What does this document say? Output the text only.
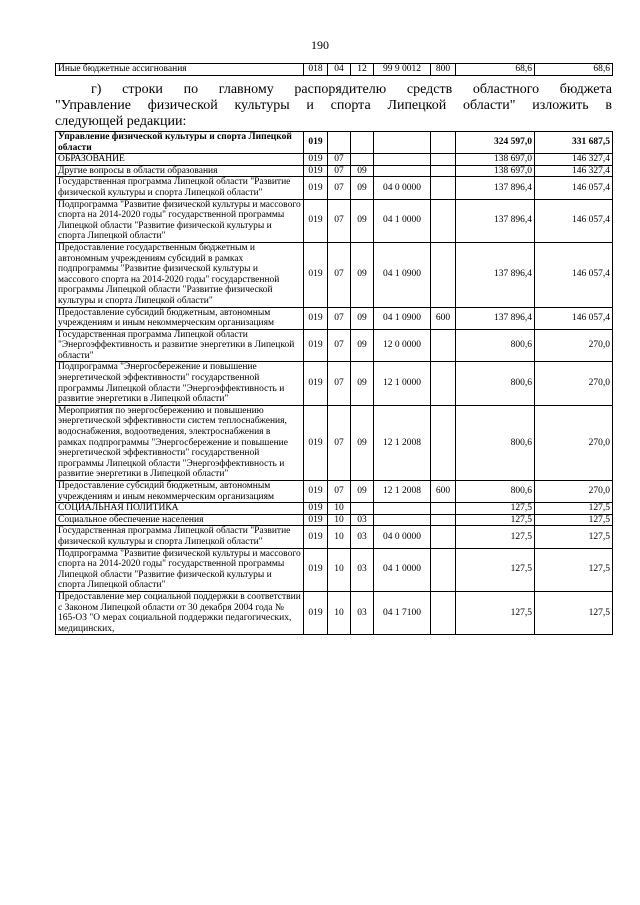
190
Иные бюджетные ассигнования	018	04	12	99 9 0012	800	68,6	68,6
г) строки по главному распорядителю средств областного бюджета
"Управление физической культуры и спорта Липецкой области" изложить в
следующей редакции:
Управление физической культуры и спорта Липецкой области	019					324 597,0	331 687,5
ОБРАЗОВАНИЕ	019	07				138 697,0	146 327,4
Другие вопросы в области образования	019	07	09			138 697,0	146 327,4
Государственная программа Липецкой области "Развитие физической культуры и спорта Липецкой области"	019	07	09	04 0 0000		137 896,4	146 057,4
Подпрограмма "Развитие физической культуры и массового спорта на 2014-2020 годы" государственной программы Липецкой области "Развитие физической культуры и спорта Липецкой области"	019	07	09	04 1 0000		137 896,4	146 057,4
Предоставление государственным бюджетным и автономным учреждениям субсидий в рамках подпрограммы "Развитие физической культуры и массового спорта на 2014-2020 годы" государственной программы Липецкой области "Развитие физической культуры и спорта Липецкой области"	019	07	09	04 1 0900		137 896,4	146 057,4
Предоставление субсидий бюджетным, автономным учреждениям и иным некоммерческим организациям	019	07	09	04 1 0900	600	137 896,4	146 057,4
Государственная программа Липецкой области "Энергоэффективность и развитие энергетики в Липецкой области"	019	07	09	12 0 0000		800,6	270,0
Подпрограмма "Энергосбережение и повышение энергетической эффективности" государственной программы Липецкой области "Энергоэффективность и развитие энергетики в Липецкой области"	019	07	09	12 1 0000		800,6	270,0
Мероприятия по энергосбережению и повышению энергетической эффективности систем теплоснабжения, водоснабжения, водоотведения, электроснабжения в рамках подпрограммы "Энергосбережение и повышение энергетической эффективности" государственной программы Липецкой области "Энергоэффективность и развитие энергетики в Липецкой области"	019	07	09	12 1 2008		800,6	270,0
Предоставление субсидий бюджетным, автономным учреждениям и иным некоммерческим организациям	019	07	09	12 1 2008	600	800,6	270,0
СОЦИАЛЬНАЯ ПОЛИТИКА	019	10				127,5	127,5
Социальное обеспечение населения	019	10	03			127,5	127,5
Государственная программа Липецкой области "Развитие физической культуры и спорта Липецкой области"	019	10	03	04 0 0000		127,5	127,5
Подпрограмма "Развитие физической культуры и массового спорта на 2014-2020 годы" государственной программы Липецкой области "Развитие физической культуры и спорта Липецкой области"	019	10	03	04 1 0000		127,5	127,5
Предоставление мер социальной поддержки в соответствии с Законом Липецкой области от 30 декабря 2004 года № 165-ОЗ "О мерах социальной поддержки педагогических, медицинских,	019	10	03	04 1 7100		127,5	127,5
